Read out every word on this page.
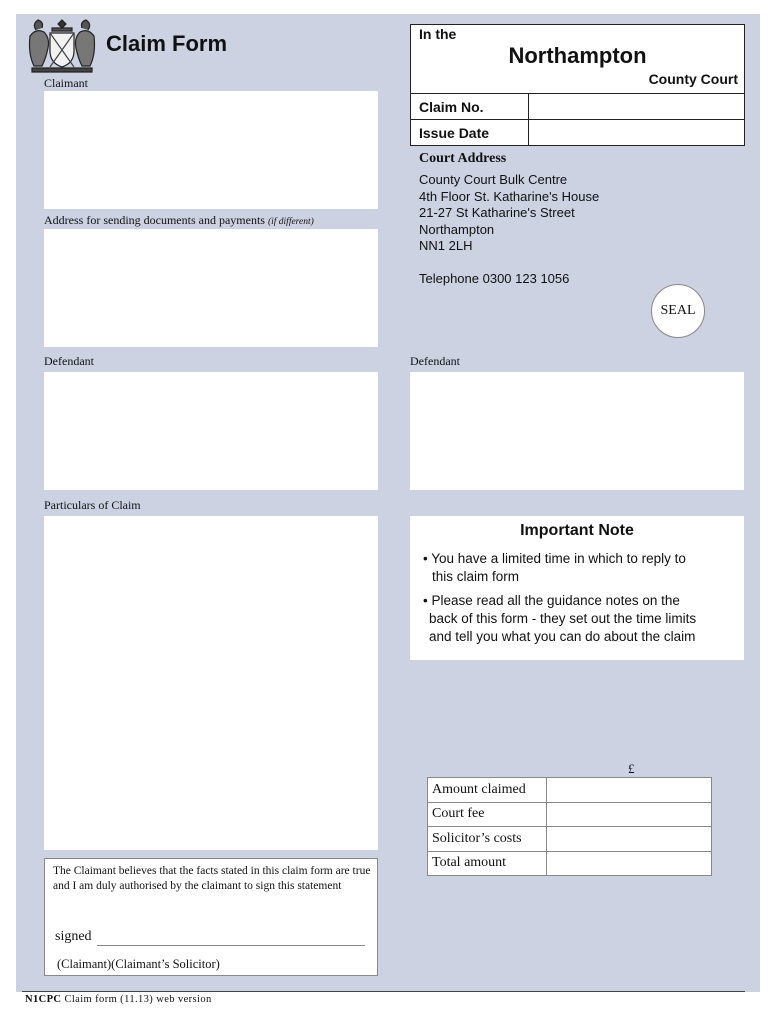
Claim Form
Claimant
Address for sending documents and payments (if different)
In the
Northampton
County Court
Claim No.
Issue Date
Court Address
County Court Bulk Centre
4th Floor St. Katharine's House
21-27 St Katharine's Street
Northampton
NN1 2LH
Telephone 0300 123 1056
SEAL
Defendant	Defendant
Particulars of Claim
Important Note
• You have a limited time in which to reply to
this claim form
• Please read all the guidance notes on the
back of this form - they set out the time limits
and tell you what you can do about the claim
£
Amount claimed	
Court fee	
Solicitor’s costs	
Total amount	
The Claimant believes that the facts stated in this claim form are true and I am duly authorised by the claimant to sign this statement
signed
(Claimant)(Claimant’s Solicitor)
N1CPC Claim form (11.13) web version
